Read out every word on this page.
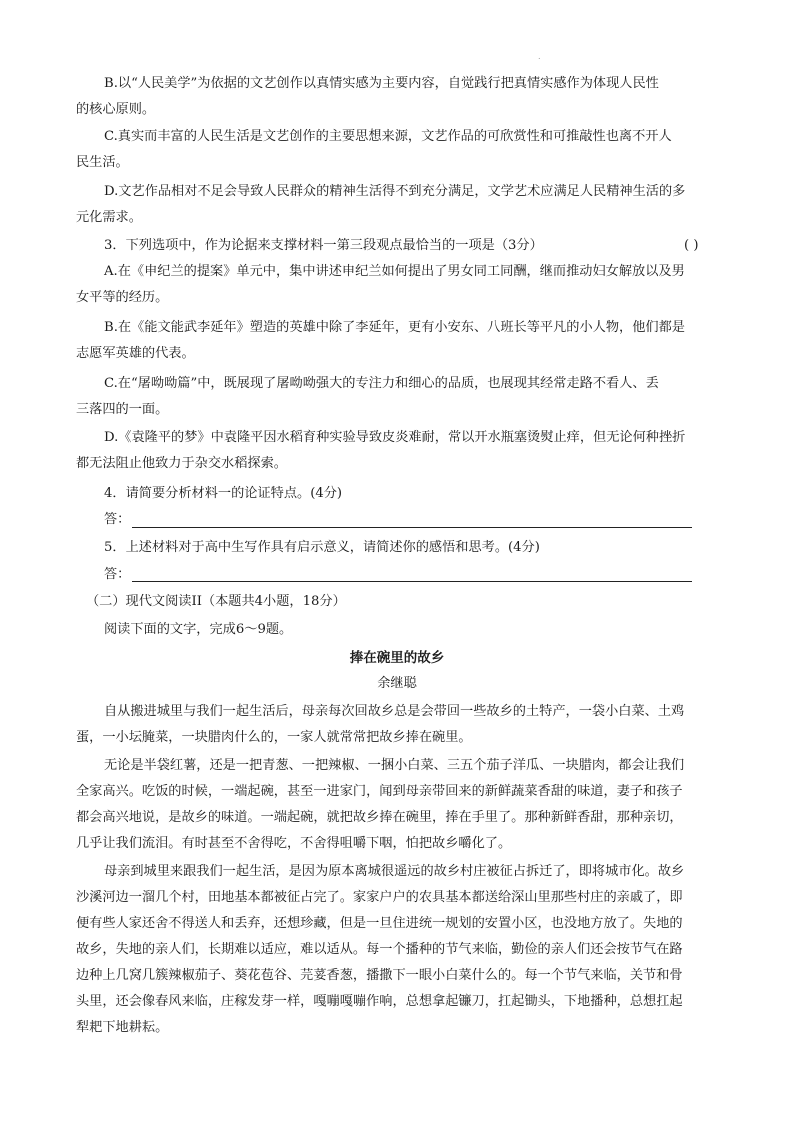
.
B.以“人民美学”为依据的文艺创作以真情实感为主要内容，自觉践行把真情实感作为体现人民性
的核心原则。
C.真实而丰富的人民生活是文艺创作的主要思想来源，文艺作品的可欣赏性和可推敲性也离不开人
民生活。
D.文艺作品相对不足会导致人民群众的精神生活得不到充分满足，文学艺术应满足人民精神生活的多
元化需求。
3．下列选项中，作为论据来支撑材料一第三段观点最恰当的一项是（3分）	( )
A.在《申纪兰的提案》单元中，集中讲述申纪兰如何提出了男女同工同酬，继而推动妇女解放以及男
女平等的经历。
B.在《能文能武李延年》塑造的英雄中除了李延年，更有小安东、八班长等平凡的小人物，他们都是
志愿军英雄的代表。
C.在“屠呦呦篇”中，既展现了屠呦呦强大的专注力和细心的品质，也展现其经常走路不看人、丢
三落四的一面。
D.《袁隆平的梦》中袁隆平因水稻育种实验导致皮炎难耐，常以开水瓶塞烫熨止痒，但无论何种挫折
都无法阻止他致力于杂交水稻探索。
4．请简要分析材料一的论证特点。(4分)
答：
5．上述材料对于高中生写作具有启示意义，请简述你的感悟和思考。(4分)
答：
（二）现代文阅读II（本题共4小题，18分）
阅读下面的文字，完成6～9题。
捧在碗里的故乡
余继聪
自从搬进城里与我们一起生活后，母亲每次回故乡总是会带回一些故乡的土特产，一袋小白菜、土鸡
蛋，一小坛腌菜，一块腊肉什么的，一家人就常常把故乡捧在碗里。
无论是半袋红薯，还是一把青葱、一把辣椒、一捆小白菜、三五个茄子洋瓜、一块腊肉，都会让我们
全家高兴。吃饭的时候，一端起碗，甚至一进家门，闻到母亲带回来的新鲜蔬菜香甜的味道，妻子和孩子
都会高兴地说，是故乡的味道。一端起碗，就把故乡捧在碗里，捧在手里了。那种新鲜香甜，那种亲切，
几乎让我们流泪。有时甚至不舍得吃，不舍得咀嚼下咽，怕把故乡嚼化了。
母亲到城里来跟我们一起生活，是因为原本离城很遥远的故乡村庄被征占拆迁了，即将城市化。故乡
沙溪河边一溜几个村，田地基本都被征占完了。家家户户的农具基本都送给深山里那些村庄的亲戚了，即
便有些人家还舍不得送人和丢弃，还想珍藏，但是一旦住进统一规划的安置小区，也没地方放了。失地的
故乡，失地的亲人们，长期难以适应，难以适从。每一个播种的节气来临，勤俭的亲人们还会按节气在路
边种上几窝几簇辣椒茄子、葵花苞谷、芫荽香葱，播撒下一眼小白菜什么的。每一个节气来临，关节和骨
头里，还会像春风来临，庄稼发芽一样，嘎嘣嘎嘣作响，总想拿起镰刀，扛起锄头，下地播种，总想扛起
犁耙下地耕耘。
